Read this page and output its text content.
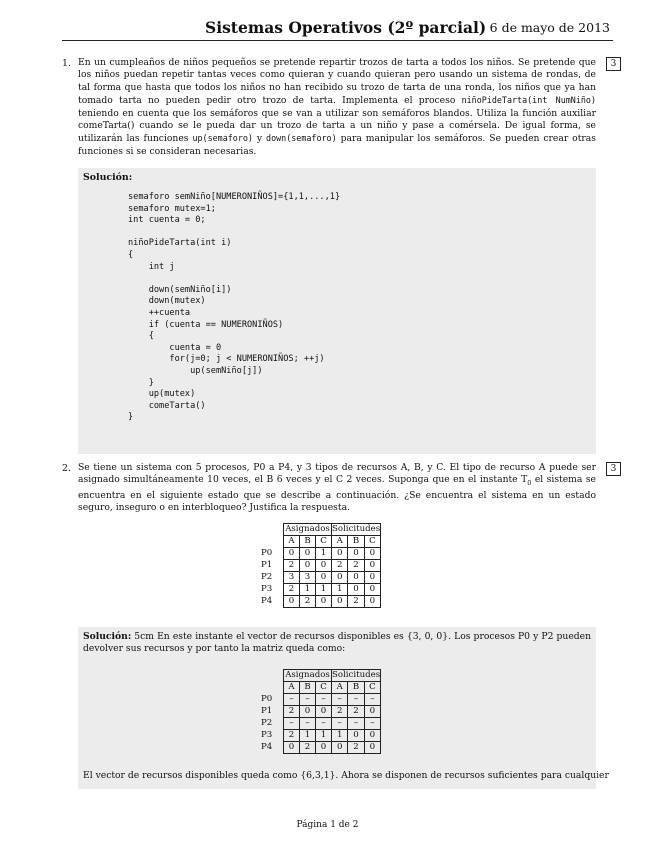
Sistemas Operativos (2º parcial) 6 de mayo de 2013
1.	3
En un cumpleaños de niños pequeños se pretende repartir trozos de tarta a todos los niños. Se pretende que los niños puedan repetir tantas veces como quieran y cuando quieran pero usando un sistema de rondas, de tal forma que hasta que todos los niños no han recibido su trozo de tarta de una ronda, los niños que ya han tomado tarta no pueden pedir otro trozo de tarta. Implementa el proceso niñoPideTarta(int NumNiño) teniendo en cuenta que los semáforos que se van a utilizar son semáforos blandos. Utiliza la función auxiliar comeTarta() cuando se le pueda dar un trozo de tarta a un niño y pase a comérsela. De igual forma, se utilizarán las funciones up(semaforo) y down(semaforo) para manipular los semáforos. Se pueden crear otras funciones si se consideran necesarias.
Solución:
semaforo semNiño[NUMERONIÑOS]={1,1,...,1}
semaforo mutex=1;
int cuenta = 0;

niñoPideTarta(int i)
{
int j

down(semNiño[i])
down(mutex)
++cuenta
if (cuenta == NUMERONIÑOS)
{
cuenta = 0
for(j=0; j < NUMERONIÑOS; ++j)
up(semNiño[j])
}
up(mutex)
comeTarta()
}
2.	3
Se tiene un sistema con 5 procesos, P0 a P4, y 3 tipos de recursos A, B, y C. El tipo de recurso A puede ser asignado simultáneamente 10 veces, el B 6 veces y el C 2 veces. Suponga que en el instante $T_0$ el sistema se encuentra en el siguiente estado que se describe a continuación. ¿Se encuentra el sistema en un estado seguro, inseguro o en interbloqueo? Justifica la respuesta.
	Asignados			Solicitudes		
	A	B	C	A	B	C
P0	0	0	1	0	0	0
P1	2	0	0	2	2	0
P2	3	3	0	0	0	0
P3	2	1	1	1	0	0
P4	0	2	0	0	2	0
Solución: 5cm En este instante el vector de recursos disponibles es {3, 0, 0}. Los procesos P0 y P2 pueden devolver sus recursos y por tanto la matriz queda como:
	Asignados			Solicitudes		
	A	B	C	A	B	C
P0	–	–	–	–	–	–
P1	2	0	0	2	2	0
P2	–	–	–	–	–	–
P3	2	1	1	1	0	0
P4	0	2	0	0	2	0
El vector de recursos disponibles queda como {6,3,1}. Ahora se disponen de recursos suficientes para cualquier
Página 1 de 2
